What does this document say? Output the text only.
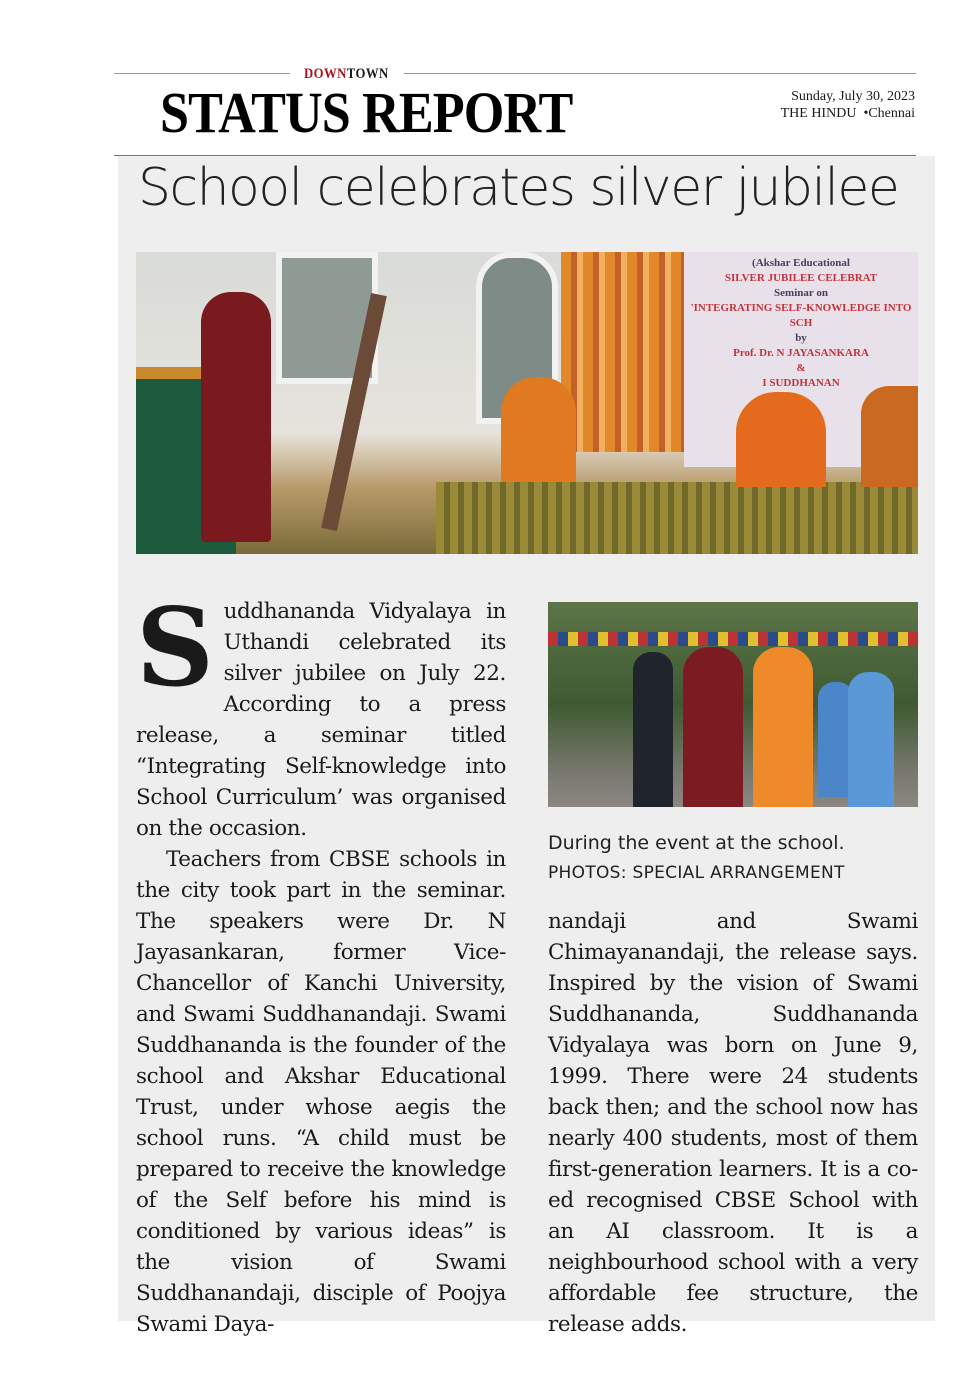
DOWNTOWN
STATUS REPORT	Sunday, July 30, 2023
THE HINDU  •Chennai
School celebrates silver jubilee
(Akshar Educational
SILVER JUBILEE CELEBRAT
Seminar on
'INTEGRATING SELF-KNOWLEDGE INTO SCH
by
Prof. Dr. N JAYASANKARA
&
I SUDDHANAN
During the event at the school.
PHOTOS: SPECIAL ARRANGEMENT

Suddhananda Vidyalaya in Uthandi celebrated its silver jubilee on July 22. According to a press release, a seminar titled “Integrating Self-knowledge into School Curriculum’ was organised on the occasion.

Teachers from CBSE schools in the city took part in the seminar. The speakers were Dr. N Jayasankaran, former Vice-Chancellor of Kanchi University, and Swami Suddhanandaji. Swami Suddhananda is the founder of the school and Akshar Educational Trust, under whose aegis the school runs. “A child must be prepared to receive the knowledge of the Self before his mind is conditioned by various ideas” is the vision of Swami Suddhanandaji, disciple of Poojya Swami Daya-

nandaji and Swami Chimayanandaji, the release says. Inspired by the vision of Swami Suddhananda, Suddhananda Vidyalaya was born on June 9, 1999. There were 24 students back then; and the school now has nearly 400 students, most of them first-generation learners. It is a co-ed recognised CBSE School with an AI classroom. It is a neighbourhood school with a very affordable fee structure, the release adds.
